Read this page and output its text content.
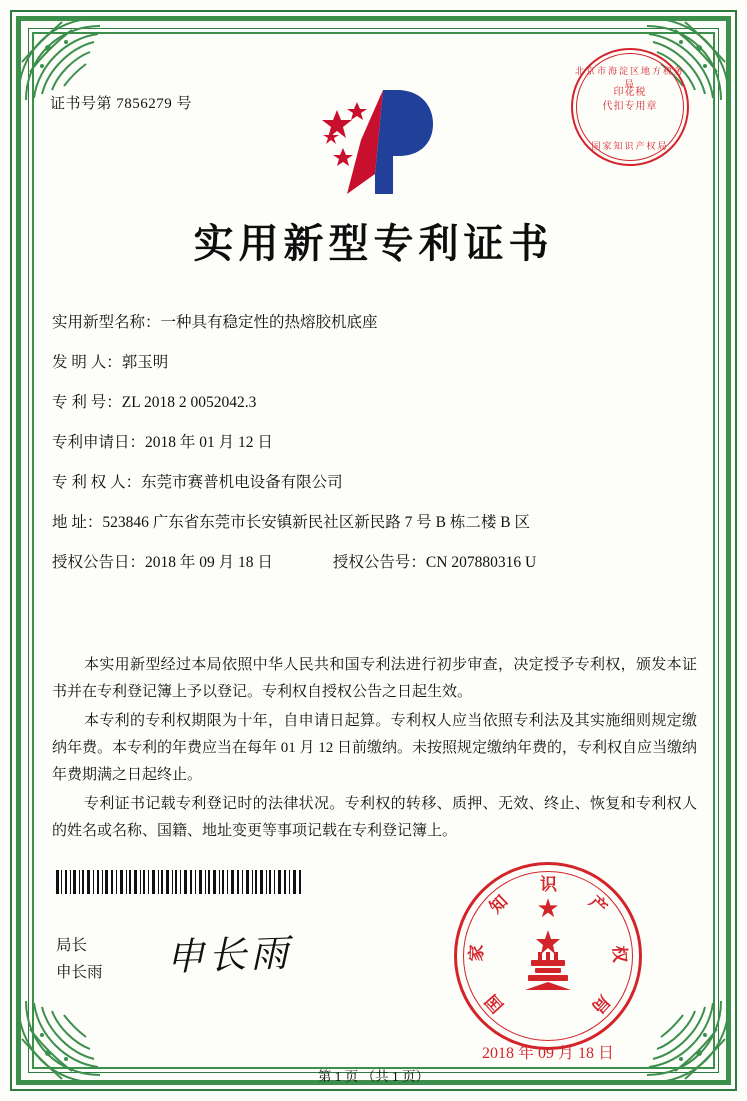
证书号第 7856279 号
北京市海淀区地方税务局
印花税
代扣专用章
国家知识产权局
实用新型专利证书
实用新型名称： 一种具有稳定性的热熔胶机底座
发 明 人： 郭玉明
专 利 号： ZL 2018 2 0052042.3
专利申请日： 2018 年 01 月 12 日
专 利 权 人： 东莞市赛普机电设备有限公司
地 址： 523846 广东省东莞市长安镇新民社区新民路 7 号 B 栋二楼 B 区
授权公告日： 2018 年 09 月 18 日	授权公告号： CN 207880316 U

本实用新型经过本局依照中华人民共和国专利法进行初步审查，决定授予专利权，颁发本证书并在专利登记簿上予以登记。专利权自授权公告之日起生效。

本专利的专利权期限为十年，自申请日起算。专利权人应当依照专利法及其实施细则规定缴纳年费。本专利的年费应当在每年 01 月 12 日前缴纳。未按照规定缴纳年费的，专利权自应当缴纳年费期满之日起终止。

专利证书记载专利登记时的法律状况。专利权的转移、质押、无效、终止、恢复和专利权人的姓名或名称、国籍、地址变更等事项记载在专利登记簿上。

局长
申长雨 申长雨
★
国
家
知
识
产
权
局
2018 年 09 月 18 日
第 1 页 （共 1 页）
